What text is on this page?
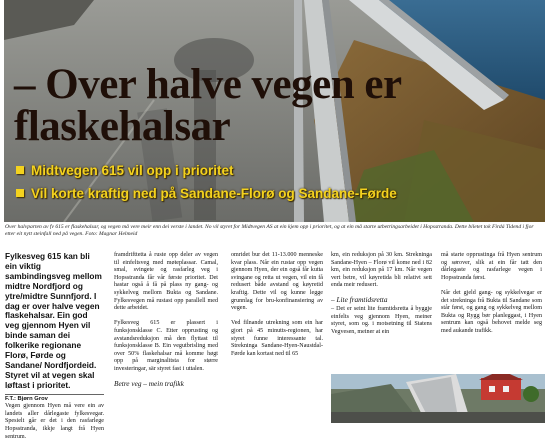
– Over halve vegen er flaskehalsar
Midtvegen 615 vil opp i prioritet
Vil korte kraftig ned på Sandane-Florø og Sandane-Førde
Over halvparten av fv 615 er flaskehalsar, og vegen må vere meir enn dei verste i landet. No vil styret for Midtvegen AS at ein kjem opp i prioritet, og at ein må starte utbetringsarbeidet i Hopsstranda. Dette biletet tok Firdá Tidend i fjor etter eit nytt steinfall ned på vegen. Foto: Magnar Helmeid

Fylkesveg 615 kan bli ein viktig sambindingsveg mellom midtre Nordfjord og ytre/midtre Sunnfjord. I dag er over halve vegen flaskehalsar. Ein god veg gjennom Hyen vil binde saman dei folkerike regionane Florø, Førde og Sandane/ Nordfjordeid. Styret vil at vegen skal løftast i prioritet.

F.T.: Bjørn Grov

Vegen gjennom Hyen må vere ein av landets aller dårlegaste fylkesvegar. Spesielt går er det i den rasfarlege Hopsstranda, ikkje langt frå Hyen sentrum.

framdrifttetta å ruste opp deler av vegen til einfeltsveg med møteplassar. Camal, smal, svingete og rasfarleg veg i Hopsstranda får vår første prioritet. Det hastar også å få på plass ny gang- og sykkelveg mellom Bukta og Sandane. Fylkesvegen må rustast opp parallell med dette arbeidet.

Fylkesveg 615 er plassert i funksjonsklasse C. Etter opprusting og avstandsreduksjon må den flyttast til funksjonsklasse B. Ein vegutbrisling med over 50% flaskehalsar må komme høgt opp på marginalitsta for større investeringar, sär styret fast i uttalen.

Betre veg – mein trafikk

omridet bur det 11-13.000 menneske kvar plass. Når ein rustar opp vegen gjennom Hyen, der ein også får kutta svingane og retta ut vegen, vil ein få redusert både avstand og køyretid kraftig. Dette vil og kunne legge grunnlag for bru-konfinansiering av vegen.

Ved filnande utrekning som ein har gjort på 45 minutts-regionen, har styret funne interessante tal. Strekninga Sandane-Hyen-Naustdal-Førde kan kortast ned til 65

km, ein reduksjon på 30 km. Strekninga Sandane-Hyen – Florø vil kome ned i 82 km, ein reduksjon på 17 km. Når vegen vert betre, vil køyretida bli relativt sett enda meir redusert.

– Lite framtidsretta

– Det er seint lite framtidsretta å byggje einfelts veg gjennom Hyen, meiner styret, som og. i motsetning til Statens Vegvesen, meiner at ein

må starte opprustinga frå Hyen sentrum og sørover, slik at ein får tatt den dårlegaste og rasfarlege vegen i Hopsstranda først.

Når det gjeld gang- og sykkelvegar er det strekninga frå Bukta til Sandane som står først, og gang og sykkelveg mellom Bukta og Rygg bør planleggast, i Hyen sentrum kan også behovet melde seg med aukande trafikk.
